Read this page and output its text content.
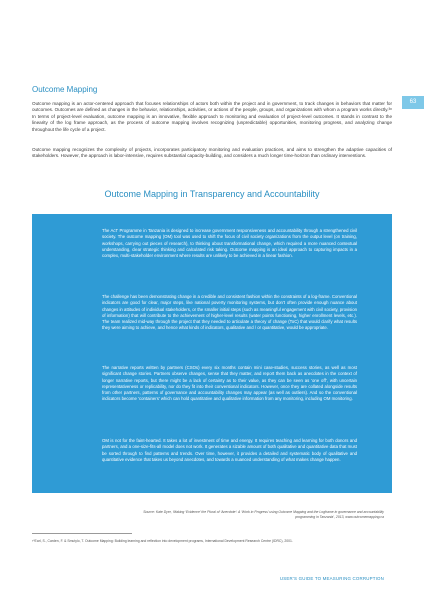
63
Outcome Mapping

Outcome mapping is an actor-centered approach that focuses relationships of actors both within the project and in government, to track changes in behaviors that matter for outcomes. Outcomes are defined as changes in the behavior, relationships, activities, or actions of the people, groups, and organizations with whom a program works directly.³⁸ In terms of project-level evaluation, outcome mapping is an innovative, flexible approach to monitoring and evaluation of project-level outcomes. It stands in contrast to the linearity of the log frame approach, as the process of outcome mapping involves recognizing (unpredictable) opportunities, monitoring progress, and analyzing change throughout the life cycle of a project.

Outcome mapping recognizes the complexity of projects, incorporates participatory monitoring and evaluation practices, and aims to strengthen the adaptive capacities of stakeholders. However, the approach is labor-intensive, requires substantial capacity-building, and considers a much longer time-horizon than ordinary interventions.

Outcome Mapping in Transparency and Accountability

The AcT Programme in Tanzania is designed to increase government responsiveness and accountability through a strengthened civil society. The outcome mapping (OM) tool was used to shift the focus of civil society organizations from the output level (on training, workshops, carrying out pieces of research), to thinking about transformational change, which required a more nuanced contextual understanding, clear strategic thinking and calculated risk taking. Outcome mapping is an ideal approach to capturing impacts in a complex, multi-stakeholder environment where results are unlikely to be achieved in a linear fashion.

The challenge has been demonstrating change in a credible and consistent fashion within the constraints of a log-frame. Conventional indicators are good for clear, major steps, like national poverty monitoring systems, but don’t often provide enough nuance about changes in attitudes of individual stakeholders, or the smaller initial steps (such as meaningful engagement with civil society, provision of information) that will contribute to the achievement of higher-level results (water points functioning, higher enrollment levels, etc.). The team realized mid-way through the project that they needed to articulate a theory of change (ToC) that would clarify what results they were aiming to achieve, and hence what kinds of indicators, qualitative and / or quantitative, would be appropriate.

The narrative reports written by partners (CSOs) every six months contain mini case-studies, success stories, as well as most significant change stories. Partners observe changes, sense that they matter, and report them back as anecdotes in the context of longer narrative reports, but there might be a lack of certainty as to their value, as they can be seen as ‘one off’, with uncertain representativeness or replicability, nor do they fit into their conventional indicators. However, once they are collated alongside results from other partners, patterns of governance and accountability changes may appear (as well as outliers). And so the conventional indicators become ‘containers’ which can hold quantitative and qualitative information from any monitoring, including OM monitoring.

OM is not for the faint-hearted. It takes a lot of investment of time and energy. It requires teaching and learning for both donors and partners, and a one-size-fits-all model does not work. It generates a sizable amount of both qualitative and quantitative data that must be sorted through to find patterns and trends. Over time, however, it provides a detailed and systematic body of qualitative and quantitative evidence that takes us beyond anecdotes, and towards a nuanced understanding of what makes change happen.

Source: Kate Dyer, ‘Making ‘Evidence’ the Plural of ‘Anecdote’: A ‘Work in Progress’ using Outcome Mapping and the Logframe in governance and accountability programming in Tanzania’, 2013, www.outcomemapping.ca
³⁸Earl, S., Carden, F. & Smutylo, T. Outcome Mapping: Building learning and reflection into development programs, International Development Research Centre (IDRC), 2001.
USER’S GUIDE TO MEASURING CORRUPTION
